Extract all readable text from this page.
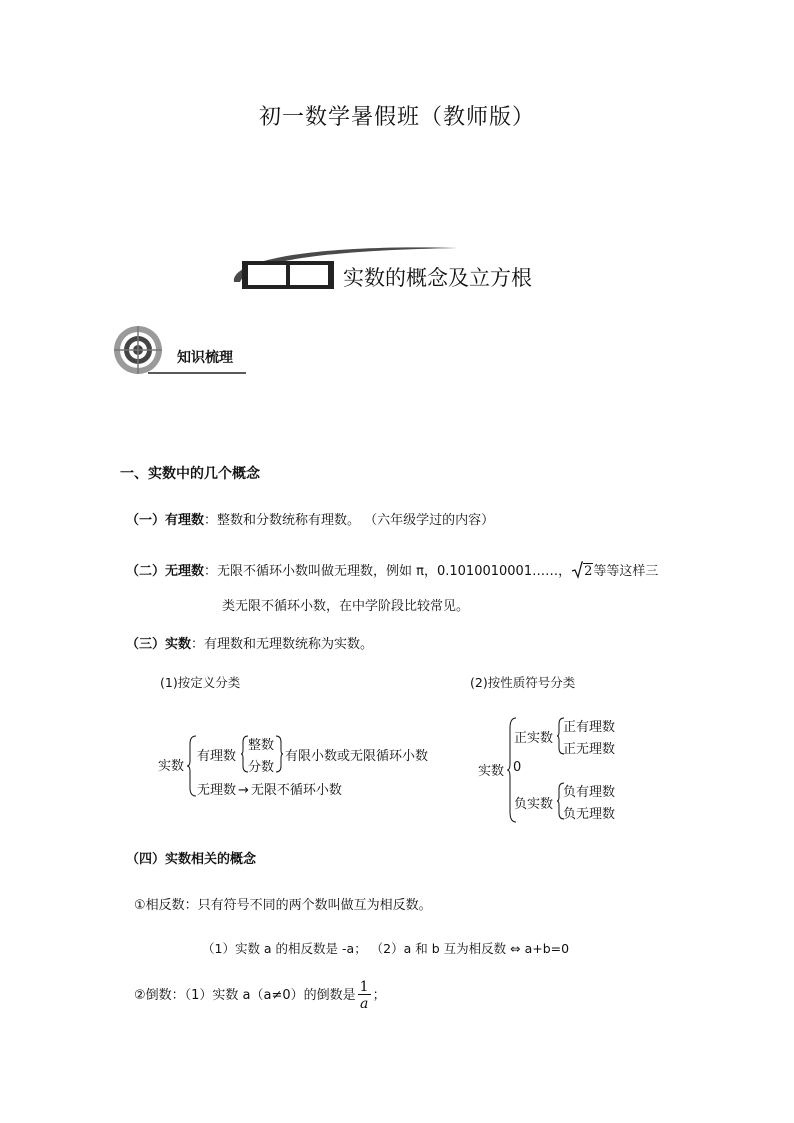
初一数学暑假班（教师版）
实数的概念及立方根
知识梳理
一、实数中的几个概念
（一）有理数：整数和分数统称有理数。 （六年级学过的内容）
（二）无理数：无限不循环小数叫做无理数，例如 π，0.1010010001……， 2等等这样三
类无限不循环小数，在中学阶段比较常见。
（三）实数：有理数和无理数统称为实数。
(1)按定义分类
实数
有理数
整数
分数
有限小数或无限循环小数
无理数 → 无限不循环小数
(2)按性质符号分类
实数
正实数
正有理数
正无理数
0
负实数
负有理数
负无理数
（四）实数相关的概念
①相反数：只有符号不同的两个数叫做互为相反数。
（1）实数 a 的相反数是 -a； （2）a 和 b 互为相反数 ⇔ a+b=0
②倒数：（1）实数 a（a≠0）的倒数是 $\frac{1}{a}$ ；
